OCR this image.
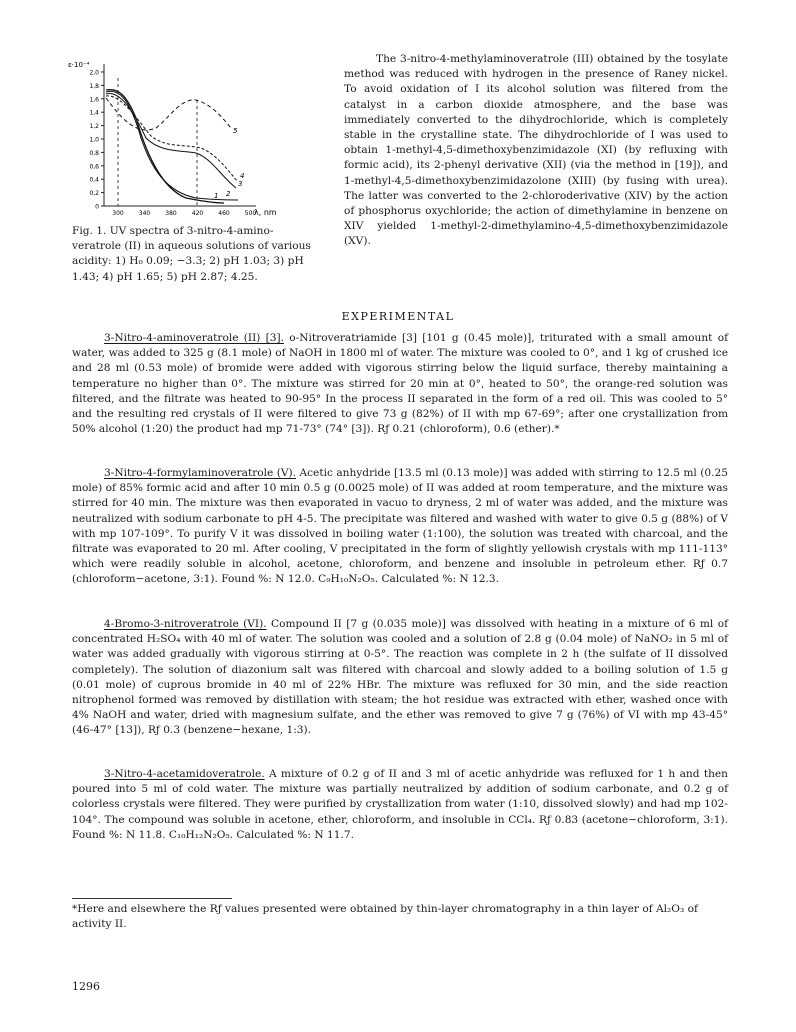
ε·10⁻⁴
2,0
1,8
1,6
1,4
1,2
1,0
0,8
0,6
0,4
0,2
0
300	340	380	420	460	500
λ, nm
1 2
3
4
5

Fig. 1. UV spectra of 3-nitro-4-amino-veratrole (II) in aqueous solutions of various acidity: 1) H₀ 0.09; −3.3; 2) pH 1.03; 3) pH 1.43; 4) pH 1.65; 5) pH 2.87; 4.25.

The 3-nitro-4-methylaminoveratrole (III) obtained by the tosylate method was reduced with hydrogen in the presence of Raney nickel. To avoid oxidation of I its alcohol solution was filtered from the catalyst in a carbon dioxide atmosphere, and the base was immediately converted to the dihydrochloride, which is completely stable in the crystalline state. The dihydrochloride of I was used to obtain 1-methyl-4,5-dimethoxybenzimidazole (XI) (by refluxing with formic acid), its 2-phenyl derivative (XII) (via the method in [19]), and 1-methyl-4,5-dimethoxybenzimidazolone (XIII) (by fusing with urea). The latter was converted to the 2-chloroderivative (XIV) by the action of phosphorus oxychloride; the action of dimethylamine in benzene on XIV yielded 1-methyl-2-dimethylamino-4,5-dimethoxybenzimidazole (XV).

EXPERIMENTAL

3-Nitro-4-aminoveratrole (II) [3]. o-Nitroveratriamide [3] [101 g (0.45 mole)], triturated with a small amount of water, was added to 325 g (8.1 mole) of NaOH in 1800 ml of water. The mixture was cooled to 0°, and 1 kg of crushed ice and 28 ml (0.53 mole) of bromide were added with vigorous stirring below the liquid surface, thereby maintaining a temperature no higher than 0°. The mixture was stirred for 20 min at 0°, heated to 50°, the orange-red solution was filtered, and the filtrate was heated to 90-95° In the process II separated in the form of a red oil. This was cooled to 5° and the resulting red crystals of II were filtered to give 73 g (82%) of II with mp 67-69°; after one crystallization from 50% alcohol (1:20) the product had mp 71-73° (74° [3]). Rƒ 0.21 (chloroform), 0.6 (ether).*

3-Nitro-4-formylaminoveratrole (V). Acetic anhydride [13.5 ml (0.13 mole)] was added with stirring to 12.5 ml (0.25 mole) of 85% formic acid and after 10 min 0.5 g (0.0025 mole) of II was added at room temperature, and the mixture was stirred for 40 min. The mixture was then evaporated in vacuo to dryness, 2 ml of water was added, and the mixture was neutralized with sodium carbonate to pH 4-5. The precipitate was filtered and washed with water to give 0.5 g (88%) of V with mp 107-109°. To purify V it was dissolved in boiling water (1:100), the solution was treated with charcoal, and the filtrate was evaporated to 20 ml. After cooling, V precipitated in the form of slightly yellowish crystals with mp 111-113° which were readily soluble in alcohol, acetone, chloroform, and benzene and insoluble in petroleum ether. Rƒ 0.7 (chloroform−acetone, 3:1). Found %: N 12.0. C₉H₁₀N₂O₅. Calculated %: N 12.3.

4-Bromo-3-nitroveratrole (VI). Compound II [7 g (0.035 mole)] was dissolved with heating in a mixture of 6 ml of concentrated H₂SO₄ with 40 ml of water. The solution was cooled and a solution of 2.8 g (0.04 mole) of NaNO₂ in 5 ml of water was added gradually with vigorous stirring at 0-5°. The reaction was complete in 2 h (the sulfate of II dissolved completely). The solution of diazonium salt was filtered with charcoal and slowly added to a boiling solution of 1.5 g (0.01 mole) of cuprous bromide in 40 ml of 22% HBr. The mixture was refluxed for 30 min, and the side reaction nitrophenol formed was removed by distillation with steam; the hot residue was extracted with ether, washed once with 4% NaOH and water, dried with magnesium sulfate, and the ether was removed to give 7 g (76%) of VI with mp 43-45° (46-47° [13]), Rƒ 0.3 (benzene−hexane, 1:3).

3-Nitro-4-acetamidoveratrole. A mixture of 0.2 g of II and 3 ml of acetic anhydride was refluxed for 1 h and then poured into 5 ml of cold water. The mixture was partially neutralized by addition of sodium carbonate, and 0.2 g of colorless crystals were filtered. They were purified by crystallization from water (1:10, dissolved slowly) and had mp 102-104°. The compound was soluble in acetone, ether, chloroform, and insoluble in CCl₄. Rƒ 0.83 (acetone−chloroform, 3:1). Found %: N 11.8. C₁₀H₁₂N₂O₅. Calculated %: N 11.7.

*Here and elsewhere the Rƒ values presented were obtained by thin-layer chromatography in a thin layer of Al₂O₃ of activity II.

1296
